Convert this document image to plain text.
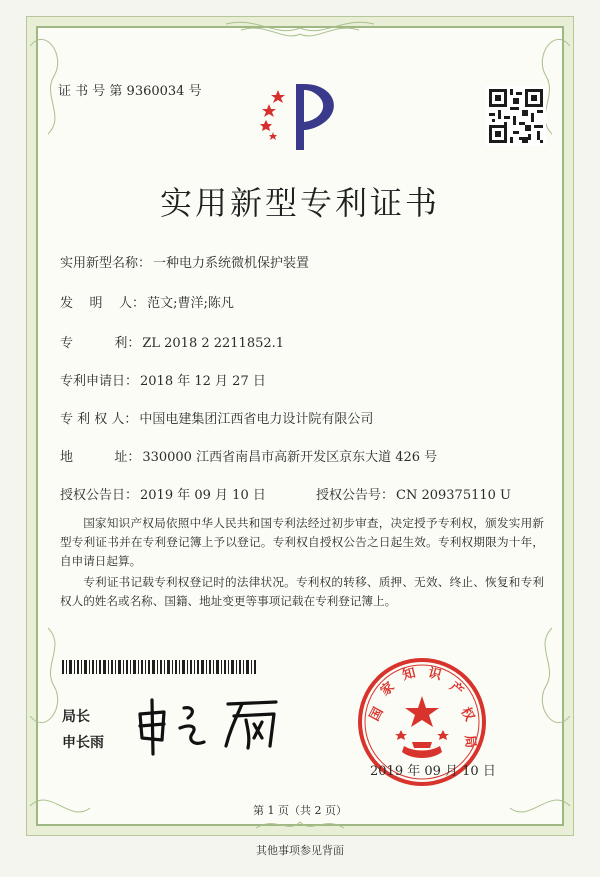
证 书 号 第 9360034 号
实用新型专利证书
实用新型名称： 一种电力系统微机保护装置
发    明    人： 范文;曹洋;陈凡
专          利： ZL 2018 2 2211852.1
专利申请日： 2018 年 12 月 27 日
专 利 权 人： 中国电建集团江西省电力设计院有限公司
地          址： 330000 江西省南昌市高新开发区京东大道 426 号
授权公告日： 2019 年 09 月 10 日	授权公告号： CN 209375110 U

国家知识产权局依照中华人民共和国专利法经过初步审查，决定授予专利权，颁发实用新型专利证书并在专利登记簿上予以登记。专利权自授权公告之日起生效。专利权期限为十年，自申请日起算。

专利证书记载专利权登记时的法律状况。专利权的转移、质押、无效、终止、恢复和专利权人的姓名或名称、国籍、地址变更等事项记载在专利登记簿上。

局长
申长雨
国
家
知 识
产
权
局
2019 年 09 月 10 日
第 1 页（共 2 页）
其他事项参见背面
